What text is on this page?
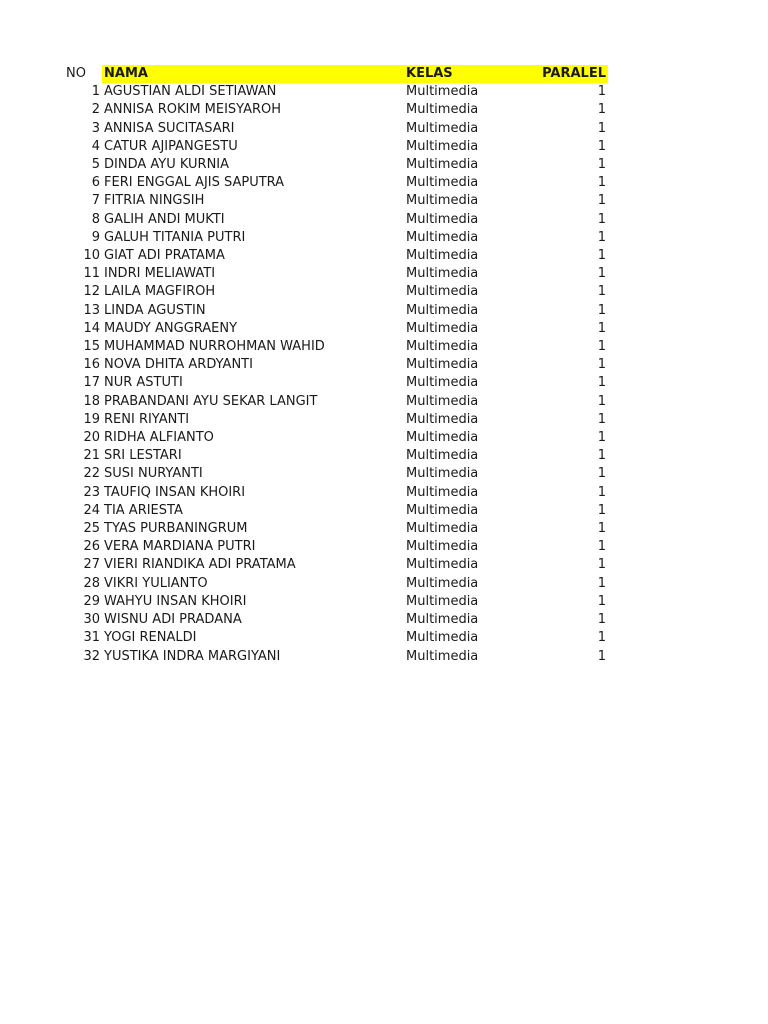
NO	NAMA	KELAS	PARALEL
1	AGUSTIAN ALDI SETIAWAN	Multimedia	1
2	ANNISA ROKIM MEISYAROH	Multimedia	1
3	ANNISA SUCITASARI	Multimedia	1
4	CATUR AJIPANGESTU	Multimedia	1
5	DINDA AYU KURNIA	Multimedia	1
6	FERI ENGGAL AJIS SAPUTRA	Multimedia	1
7	FITRIA NINGSIH	Multimedia	1
8	GALIH ANDI MUKTI	Multimedia	1
9	GALUH TITANIA PUTRI	Multimedia	1
10	GIAT ADI PRATAMA	Multimedia	1
11	INDRI MELIAWATI	Multimedia	1
12	LAILA MAGFIROH	Multimedia	1
13	LINDA AGUSTIN	Multimedia	1
14	MAUDY ANGGRAENY	Multimedia	1
15	MUHAMMAD NURROHMAN WAHID	Multimedia	1
16	NOVA DHITA ARDYANTI	Multimedia	1
17	NUR ASTUTI	Multimedia	1
18	PRABANDANI AYU SEKAR LANGIT	Multimedia	1
19	RENI RIYANTI	Multimedia	1
20	RIDHA ALFIANTO	Multimedia	1
21	SRI LESTARI	Multimedia	1
22	SUSI NURYANTI	Multimedia	1
23	TAUFIQ INSAN KHOIRI	Multimedia	1
24	TIA ARIESTA	Multimedia	1
25	TYAS PURBANINGRUM	Multimedia	1
26	VERA MARDIANA PUTRI	Multimedia	1
27	VIERI RIANDIKA ADI PRATAMA	Multimedia	1
28	VIKRI YULIANTO	Multimedia	1
29	WAHYU INSAN KHOIRI	Multimedia	1
30	WISNU ADI PRADANA	Multimedia	1
31	YOGI RENALDI	Multimedia	1
32	YUSTIKA INDRA MARGIYANI	Multimedia	1
